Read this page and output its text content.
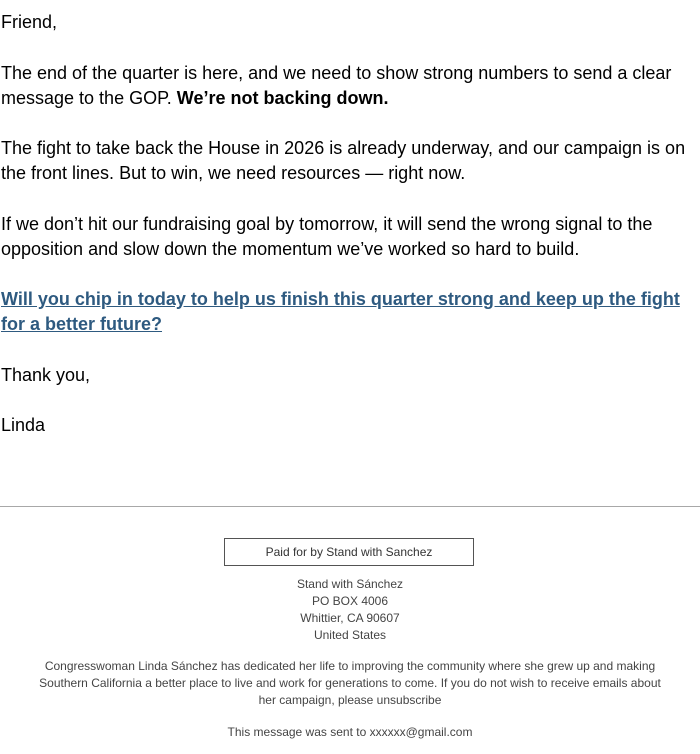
Friend,

The end of the quarter is here, and we need to show strong numbers to send a clear message to the GOP. We’re not backing down.

The fight to take back the House in 2026 is already underway, and our campaign is on the front lines. But to win, we need resources — right now.

If we don’t hit our fundraising goal by tomorrow, it will send the wrong signal to the opposition and slow down the momentum we’ve worked so hard to build.

Will you chip in today to help us finish this quarter strong and keep up the fight for a better future?

Thank you,

Linda

Paid for by Stand with Sanchez
Stand with Sánchez
PO BOX 4006
Whittier, CA 90607
United States

Congresswoman Linda Sánchez has dedicated her life to improving the community where she grew up and making Southern California a better place to live and work for generations to come. If you do not wish to receive emails about her campaign, please unsubscribe

This message was sent to xxxxxx@gmail.com
